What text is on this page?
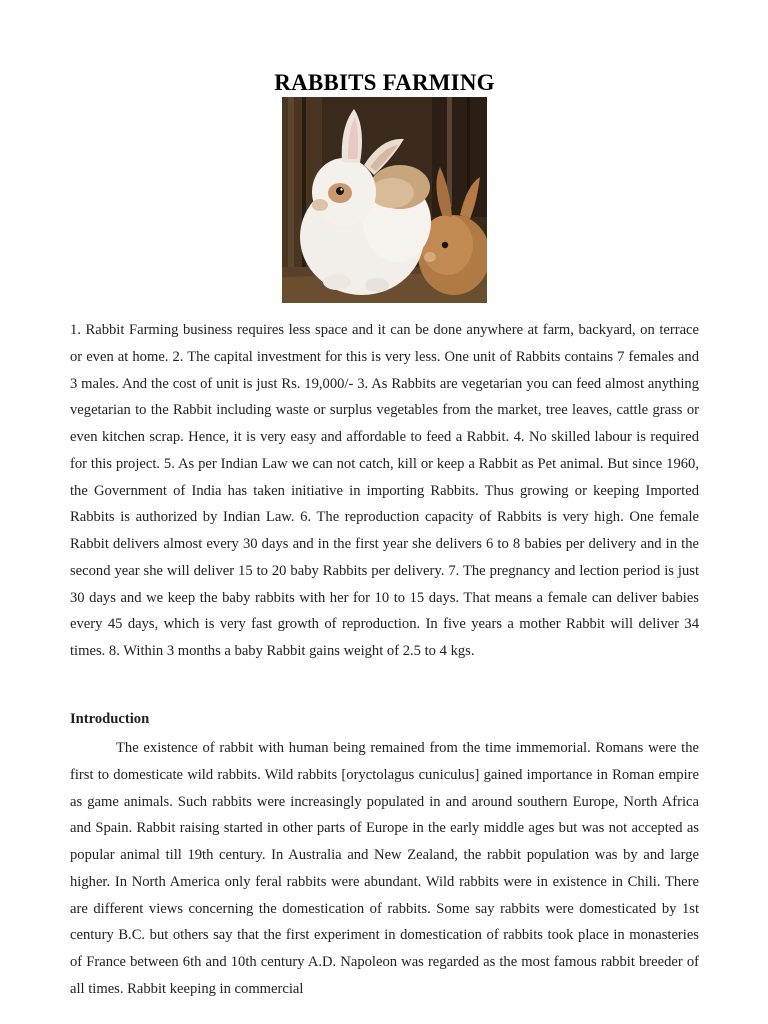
RABBITS FARMING

1. Rabbit Farming business requires less space and it can be done anywhere at farm, backyard, on terrace or even at home. 2. The capital investment for this is very less. One unit of Rabbits contains 7 females and 3 males. And the cost of unit is just Rs. 19,000/- 3. As Rabbits are vegetarian you can feed almost anything vegetarian to the Rabbit including waste or surplus vegetables from the market, tree leaves, cattle grass or even kitchen scrap. Hence, it is very easy and affordable to feed a Rabbit. 4. No skilled labour is required for this project. 5. As per Indian Law we can not catch, kill or keep a Rabbit as Pet animal. But since 1960, the Government of India has taken initiative in importing Rabbits. Thus growing or keeping Imported Rabbits is authorized by Indian Law. 6. The reproduction capacity of Rabbits is very high. One female Rabbit delivers almost every 30 days and in the first year she delivers 6 to 8 babies per delivery and in the second year she will deliver 15 to 20 baby Rabbits per delivery. 7. The pregnancy and lection period is just 30 days and we keep the baby rabbits with her for 10 to 15 days. That means a female can deliver babies every 45 days, which is very fast growth of reproduction. In five years a mother Rabbit will deliver 34 times. 8. Within 3 months a baby Rabbit gains weight of 2.5 to 4 kgs.

Introduction

The existence of rabbit with human being remained from the time immemorial. Romans were the first to domesticate wild rabbits. Wild rabbits [oryctolagus cuniculus] gained importance in Roman empire as game animals. Such rabbits were increasingly populated in and around southern Europe, North Africa and Spain. Rabbit raising started in other parts of Europe in the early middle ages but was not accepted as popular animal till 19th century. In Australia and New Zealand, the rabbit population was by and large higher. In North America only feral rabbits were abundant. Wild rabbits were in existence in Chili. There are different views concerning the domestication of rabbits. Some say rabbits were domesticated by 1st century B.C. but others say that the first experiment in domestication of rabbits took place in monasteries of France between 6th and 10th century A.D. Napoleon was regarded as the most famous rabbit breeder of all times. Rabbit keeping in commercial
